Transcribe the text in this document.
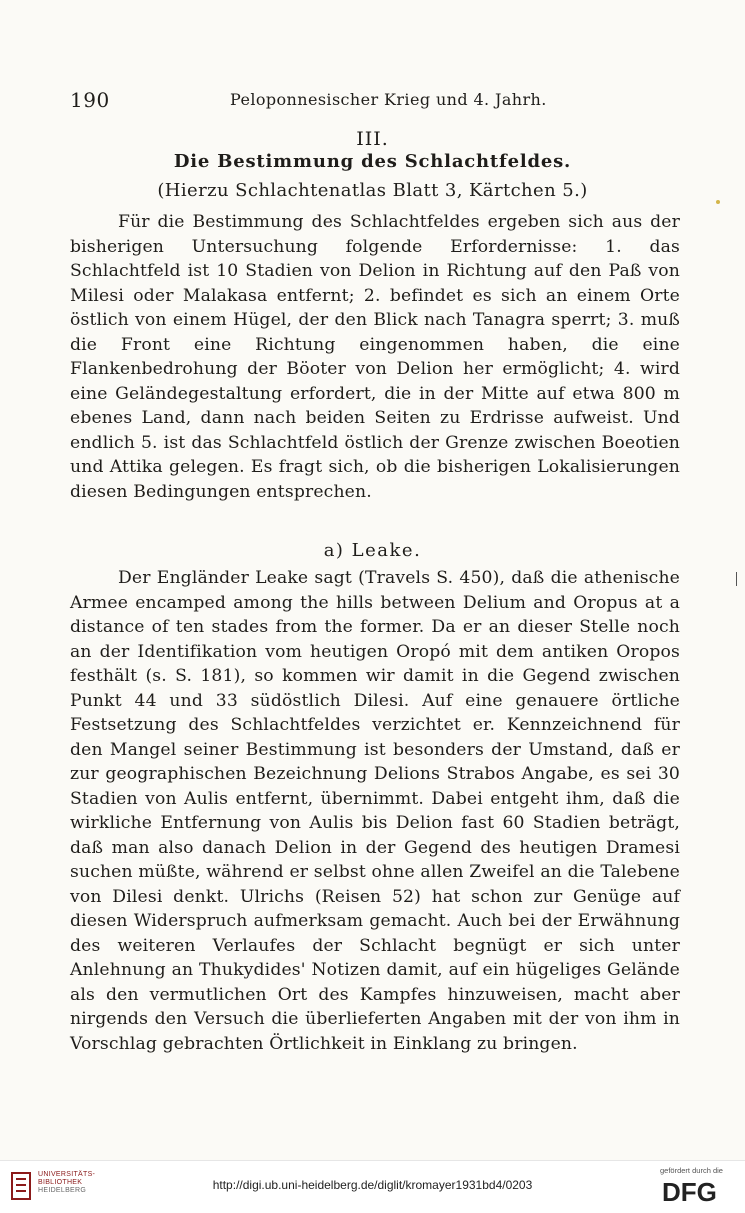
190	Peloponnesischer Krieg und 4. Jahrh.
III.
Die Bestimmung des Schlachtfeldes.
(Hierzu Schlachtenatlas Blatt 3, Kärtchen 5.)

Für die Bestimmung des Schlachtfeldes ergeben sich aus der bisherigen Untersuchung folgende Erfordernisse: 1. das Schlachtfeld ist 10 Stadien von Delion in Richtung auf den Paß von Milesi oder Malakasa entfernt; 2. befindet es sich an einem Orte östlich von einem Hügel, der den Blick nach Tanagra sperrt; 3. muß die Front eine Richtung eingenommen haben, die eine Flankenbedrohung der Böoter von Delion her ermöglicht; 4. wird eine Geländegestaltung erfordert, die in der Mitte auf etwa 800 m ebenes Land, dann nach beiden Seiten zu Erdrisse aufweist. Und endlich 5. ist das Schlachtfeld östlich der Grenze zwischen Boeotien und Attika gelegen. Es fragt sich, ob die bisherigen Lokalisierungen diesen Bedingungen entsprechen.

a) Leake.

Der Engländer Leake sagt (Travels S. 450), daß die athenische Armee encamped among the hills between Delium and Oropus at a distance of ten stades from the former. Da er an dieser Stelle noch an der Identifikation vom heutigen Oropó mit dem antiken Oropos festhält (s. S. 181), so kommen wir damit in die Gegend zwischen Punkt 44 und 33 südöstlich Dilesi. Auf eine genauere örtliche Festsetzung des Schlachtfeldes verzichtet er. Kennzeichnend für den Mangel seiner Bestimmung ist besonders der Umstand, daß er zur geographischen Bezeichnung Delions Strabos Angabe, es sei 30 Stadien von Aulis entfernt, übernimmt. Dabei entgeht ihm, daß die wirkliche Entfernung von Aulis bis Delion fast 60 Stadien beträgt, daß man also danach Delion in der Gegend des heutigen Dramesi suchen müßte, während er selbst ohne allen Zweifel an die Talebene von Dilesi denkt. Ulrichs (Reisen 52) hat schon zur Genüge auf diesen Widerspruch aufmerksam gemacht. Auch bei der Erwähnung des weiteren Verlaufes der Schlacht begnügt er sich unter Anlehnung an Thukydides' Notizen damit, auf ein hügeliges Gelände als den vermutlichen Ort des Kampfes hinzuweisen, macht aber nirgends den Versuch die überlieferten Angaben mit der von ihm in Vorschlag gebrachten Örtlichkeit in Einklang zu bringen.

UNIVERSITÄTS-
BIBLIOTHEK
HEIDELBERG	http://digi.ub.uni-heidelberg.de/diglit/kromayer1931bd4/0203
gefördert durch die
DFG
